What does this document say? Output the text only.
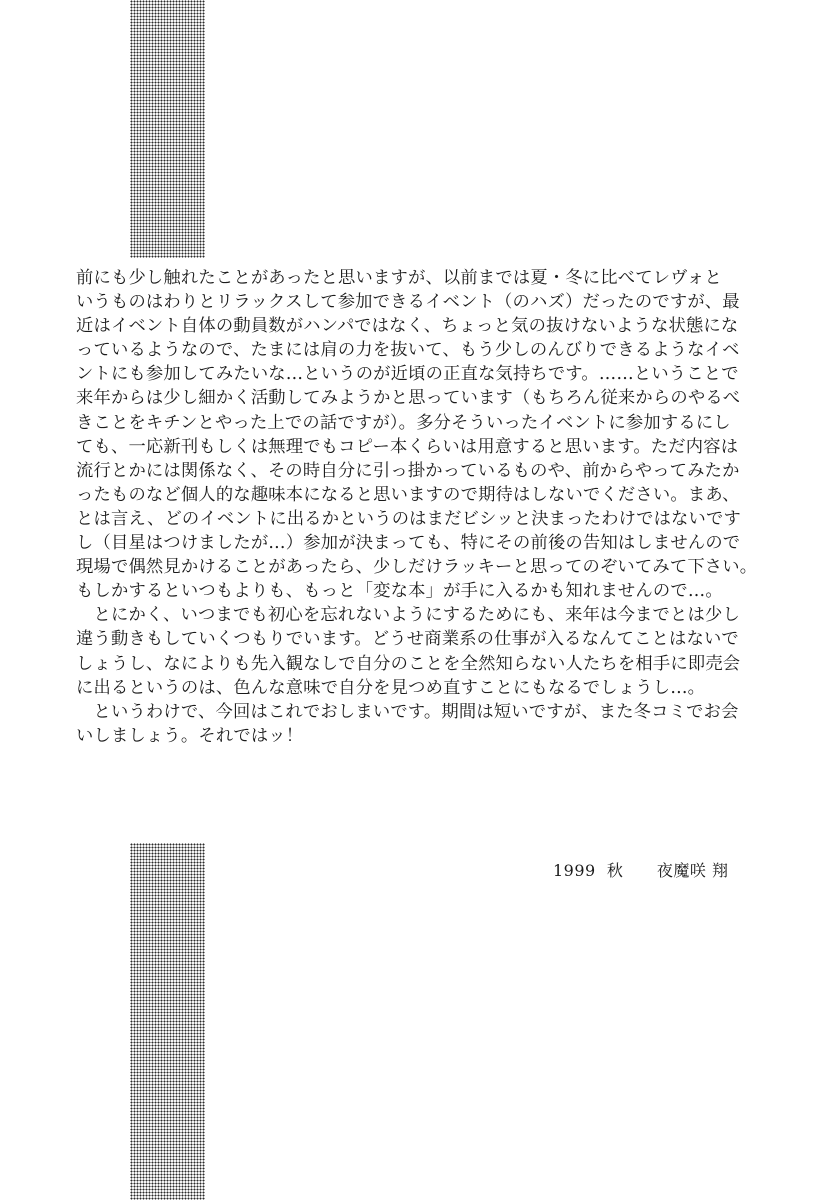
前にも少し触れたことがあったと思いますが、以前までは夏・冬に比べてレヴォと
いうものはわりとリラックスして参加できるイベント（のハズ）だったのですが、最
近はイベント自体の動員数がハンパではなく、ちょっと気の抜けないような状態にな
っているようなので、たまには肩の力を抜いて、もう少しのんびりできるようなイベ
ントにも参加してみたいな…というのが近頃の正直な気持ちです。……ということで
来年からは少し細かく活動してみようかと思っています（もちろん従来からのやるべ
きことをキチンとやった上での話ですが）。多分そういったイベントに参加するにし
ても、一応新刊もしくは無理でもコピー本くらいは用意すると思います。ただ内容は
流行とかには関係なく、その時自分に引っ掛かっているものや、前からやってみたか
ったものなど個人的な趣味本になると思いますので期待はしないでください。まあ、
とは言え、どのイベントに出るかというのはまだビシッと決まったわけではないです
し（目星はつけましたが…）参加が決まっても、特にその前後の告知はしませんので
現場で偶然見かけることがあったら、少しだけラッキーと思ってのぞいてみて下さい。
もしかするといつもよりも、もっと「変な本」が手に入るかも知れませんので…。
　とにかく、いつまでも初心を忘れないようにするためにも、来年は今までとは少し
違う動きもしていくつもりでいます。どうせ商業系の仕事が入るなんてことはないで
しょうし、なによりも先入観なしで自分のことを全然知らない人たちを相手に即売会
に出るというのは、色んな意味で自分を見つめ直すことにもなるでしょうし…。
　というわけで、今回はこれでおしまいです。期間は短いですが、また冬コミでお会
いしましょう。それではッ！
1999 秋 夜魔咲 翔
